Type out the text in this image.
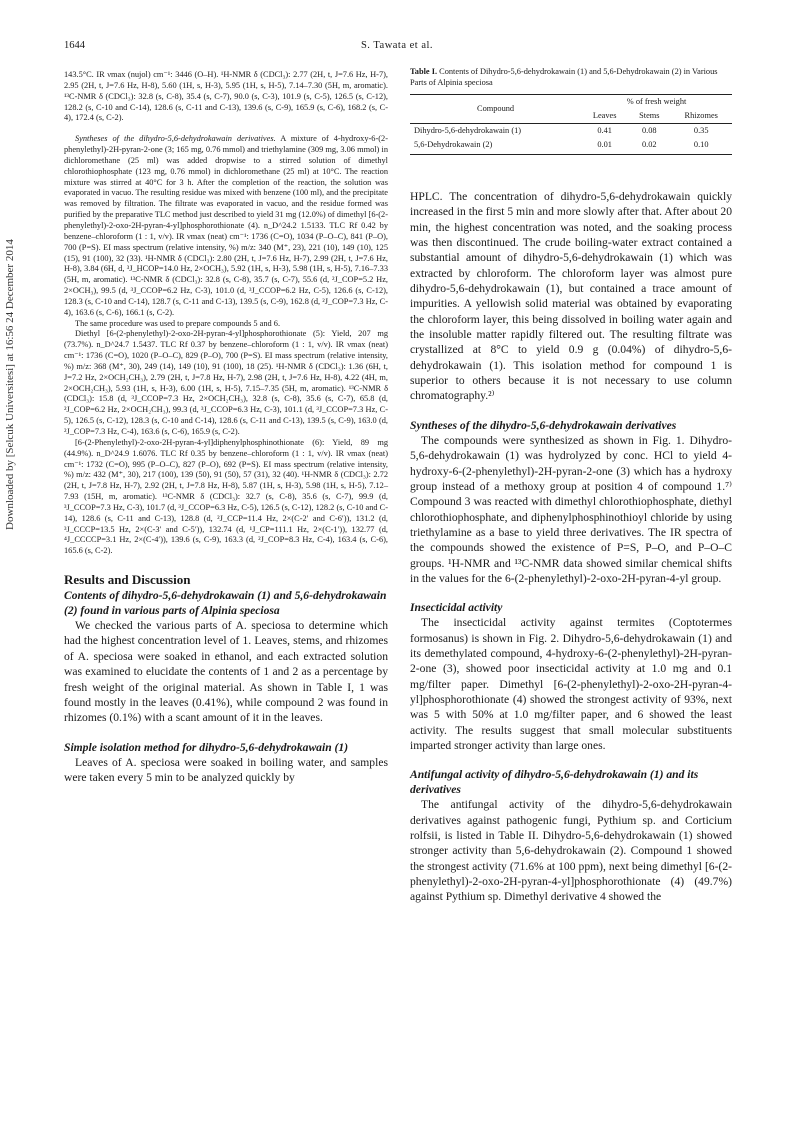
1644	S. Tawata et al.
Downloaded by [Selcuk Universitesi] at 16:56 24 December 2014

143.5°C. IR νmax (nujol) cm⁻¹: 3446 (O–H). ¹H-NMR δ (CDCl₃): 2.77 (2H, t, J=7.6 Hz, H-7), 2.95 (2H, t, J=7.6 Hz, H-8), 5.60 (1H, s, H-3), 5.95 (1H, s, H-5), 7.14–7.30 (5H, m, aromatic). ¹³C-NMR δ (CDCl₃): 32.8 (s, C-8), 35.4 (s, C-7), 90.0 (s, C-3), 101.9 (s, C-5), 126.5 (s, C-12), 128.2 (s, C-10 and C-14), 128.6 (s, C-11 and C-13), 139.6 (s, C-9), 165.9 (s, C-6), 168.2 (s, C-4), 172.4 (s, C-2).

Syntheses of the dihydro-5,6-dehydrokawain derivatives. A mixture of 4-hydroxy-6-(2-phenylethyl)-2H-pyran-2-one (3; 165 mg, 0.76 mmol) and triethylamine (309 mg, 3.06 mmol) in dichloromethane (25 ml) was added dropwise to a stirred solution of dimethyl chlorothiophosphate (123 mg, 0.76 mmol) in dichloromethane (25 ml) at 10°C. The reaction mixture was stirred at 40°C for 3 h. After the completion of the reaction, the solution was evaporated in vacuo. The resulting residue was mixed with benzene (100 ml), and the precipitate was removed by filtration. The filtrate was evaporated in vacuo, and the residue formed was purified by the preparative TLC method just described to yield 31 mg (12.0%) of dimethyl [6-(2-phenylethyl)-2-oxo-2H-pyran-4-yl]phosphorothionate (4). n_D^24.2 1.5133. TLC Rf 0.42 by benzene–chloroform (1 : 1, v/v). IR νmax (neat) cm⁻¹: 1736 (C=O), 1034 (P–O–C), 841 (P–O), 700 (P=S). EI mass spectrum (relative intensity, %) m/z: 340 (M⁺, 23), 221 (10), 149 (10), 125 (15), 91 (100), 32 (33). ¹H-NMR δ (CDCl₃): 2.80 (2H, t, J=7.6 Hz, H-7), 2.99 (2H, t, J=7.6 Hz, H-8), 3.84 (6H, d, ³J_HCOP=14.0 Hz, 2×OCH₃), 5.92 (1H, s, H-3), 5.98 (1H, s, H-5), 7.16–7.33 (5H, m, aromatic). ¹³C-NMR δ (CDCl₃): 32.8 (s, C-8), 35.7 (s, C-7), 55.6 (d, ²J_COP=5.2 Hz, 2×OCH₃), 99.5 (d, ³J_CCOP=6.2 Hz, C-3), 101.0 (d, ³J_CCOP=6.2 Hz, C-5), 126.6 (s, C-12), 128.3 (s, C-10 and C-14), 128.7 (s, C-11 and C-13), 139.5 (s, C-9), 162.8 (d, ²J_COP=7.3 Hz, C-4), 163.6 (s, C-6), 166.1 (s, C-2).

The same procedure was used to prepare compounds 5 and 6.

Diethyl [6-(2-phenylethyl)-2-oxo-2H-pyran-4-yl]phosphorothionate (5): Yield, 207 mg (73.7%). n_D^24.7 1.5437. TLC Rf 0.37 by benzene–chloroform (1 : 1, v/v). IR νmax (neat) cm⁻¹: 1736 (C=O), 1020 (P–O–C), 829 (P–O), 700 (P=S). EI mass spectrum (relative intensity, %) m/z: 368 (M⁺, 30), 249 (14), 149 (10), 91 (100), 18 (25). ¹H-NMR δ (CDCl₃): 1.36 (6H, t, J=7.2 Hz, 2×OCH₂CH₃), 2.79 (2H, t, J=7.8 Hz, H-7), 2.98 (2H, t, J=7.6 Hz, H-8), 4.22 (4H, m, 2×OCH₂CH₃), 5.93 (1H, s, H-3), 6.00 (1H, s, H-5), 7.15–7.35 (5H, m, aromatic). ¹³C-NMR δ (CDCl₃): 15.8 (d, ³J_CCOP=7.3 Hz, 2×OCH₂CH₃), 32.8 (s, C-8), 35.6 (s, C-7), 65.8 (d, ²J_COP=6.2 Hz, 2×OCH₂CH₃), 99.3 (d, ³J_CCOP=6.3 Hz, C-3), 101.1 (d, ³J_CCOP=7.3 Hz, C-5), 126.5 (s, C-12), 128.3 (s, C-10 and C-14), 128.6 (s, C-11 and C-13), 139.5 (s, C-9), 163.0 (d, ²J_COP=7.3 Hz, C-4), 163.6 (s, C-6), 165.9 (s, C-2).

[6-(2-Phenylethyl)-2-oxo-2H-pyran-4-yl]diphenylphosphinothionate (6): Yield, 89 mg (44.9%). n_D^24.9 1.6076. TLC Rf 0.35 by benzene–chloroform (1 : 1, v/v). IR νmax (neat) cm⁻¹: 1732 (C=O), 995 (P–O–C), 827 (P–O), 692 (P=S). EI mass spectrum (relative intensity, %) m/z: 432 (M⁺, 30), 217 (100), 139 (50), 91 (50), 57 (31), 32 (40). ¹H-NMR δ (CDCl₃): 2.72 (2H, t, J=7.8 Hz, H-7), 2.92 (2H, t, J=7.8 Hz, H-8), 5.87 (1H, s, H-3), 5.98 (1H, s, H-5), 7.12–7.93 (15H, m, aromatic). ¹³C-NMR δ (CDCl₃): 32.7 (s, C-8), 35.6 (s, C-7), 99.9 (d, ³J_CCOP=7.3 Hz, C-3), 101.7 (d, ³J_CCOP=6.3 Hz, C-5), 126.5 (s, C-12), 128.2 (s, C-10 and C-14), 128.6 (s, C-11 and C-13), 128.8 (d, ²J_CCP=11.4 Hz, 2×(C-2′ and C-6′)), 131.2 (d, ³J_CCCP=13.5 Hz, 2×(C-3′ and C-5′)), 132.74 (d, ¹J_CP=111.1 Hz, 2×(C-1′)), 132.77 (d, ⁴J_CCCCP=3.1 Hz, 2×(C-4′)), 139.6 (s, C-9), 163.3 (d, ²J_COP=8.3 Hz, C-4), 163.4 (s, C-6), 165.6 (s, C-2).

Results and Discussion
Contents of dihydro-5,6-dehydrokawain (1) and 5,6-dehydrokawain (2) found in various parts of Alpinia speciosa

We checked the various parts of A. speciosa to determine which had the highest concentration level of 1. Leaves, stems, and rhizomes of A. speciosa were soaked in ethanol, and each extracted solution was examined to elucidate the contents of 1 and 2 as a percentage by fresh weight of the original material. As shown in Table I, 1 was found mostly in the leaves (0.41%), while compound 2 was found in rhizomes (0.1%) with a scant amount of it in the leaves.

Simple isolation method for dihydro-5,6-dehydrokawain (1)

Leaves of A. speciosa were soaked in boiling water, and samples were taken every 5 min to be analyzed quickly by

Table I. Contents of Dihydro-5,6-dehydrokawain (1) and 5,6-Dehydrokawain (2) in Various Parts of Alpinia speciosa
Compound	% of fresh weight		
	Leaves	Stems	Rhizomes
Dihydro-5,6-dehydrokawain (1)	0.41	0.08	0.35
5,6-Dehydrokawain (2)	0.01	0.02	0.10

HPLC. The concentration of dihydro-5,6-dehydrokawain quickly increased in the first 5 min and more slowly after that. After about 20 min, the highest concentration was noted, and the soaking process was then discontinued. The crude boiling-water extract contained a substantial amount of dihydro-5,6-dehydrokawain (1) which was extracted by chloroform. The chloroform layer was almost pure dihydro-5,6-dehydrokawain (1), but contained a trace amount of impurities. A yellowish solid material was obtained by evaporating the chloroform layer, this being dissolved in boiling water again and the insoluble matter rapidly filtered out. The resulting filtrate was crystallized at 8°C to yield 0.9 g (0.04%) of dihydro-5,6-dehydrokawain (1). This isolation method for compound 1 is superior to others because it is not necessary to use column chromatography.²⁾

Syntheses of the dihydro-5,6-dehydrokawain derivatives

The compounds were synthesized as shown in Fig. 1. Dihydro-5,6-dehydrokawain (1) was hydrolyzed by conc. HCl to yield 4-hydroxy-6-(2-phenylethyl)-2H-pyran-2-one (3) which has a hydroxy group instead of a methoxy group at position 4 of compound 1.⁷⁾ Compound 3 was reacted with dimethyl chlorothiophosphate, diethyl chlorothiophosphate, and diphenylphosphinothioyl chloride by using triethylamine as a base to yield three derivatives. The IR spectra of the compounds showed the existence of P=S, P–O, and P–O–C groups. ¹H-NMR and ¹³C-NMR data showed similar chemical shifts in the values for the 6-(2-phenylethyl)-2-oxo-2H-pyran-4-yl group.

Insecticidal activity

The insecticidal activity against termites (Coptotermes formosanus) is shown in Fig. 2. Dihydro-5,6-dehydrokawain (1) and its demethylated compound, 4-hydroxy-6-(2-phenylethyl)-2H-pyran-2-one (3), showed poor insecticidal activity at 1.0 mg and 0.1 mg/filter paper. Dimethyl [6-(2-phenylethyl)-2-oxo-2H-pyran-4-yl]phosphorothionate (4) showed the strongest activity of 93%, next was 5 with 50% at 1.0 mg/filter paper, and 6 showed the least activity. The results suggest that small molecular substituents imparted stronger activity than large ones.

Antifungal activity of dihydro-5,6-dehydrokawain (1) and its derivatives

The antifungal activity of the dihydro-5,6-dehydrokawain derivatives against pathogenic fungi, Pythium sp. and Corticium rolfsii, is listed in Table II. Dihydro-5,6-dehydrokawain (1) showed stronger activity than 5,6-dehydrokawain (2). Compound 1 showed the strongest activity (71.6% at 100 ppm), next being dimethyl [6-(2-phenylethyl)-2-oxo-2H-pyran-4-yl]phosphorothionate (4) (49.7%) against Pythium sp. Dimethyl derivative 4 showed the
